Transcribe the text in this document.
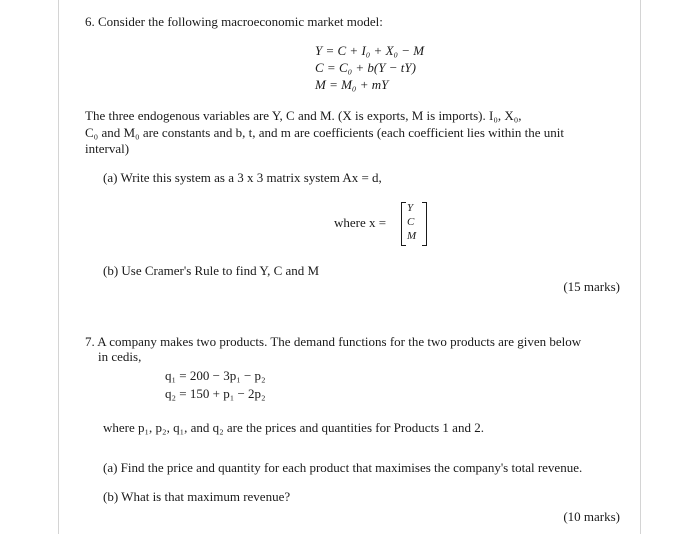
6. Consider the following macroeconomic market model:
Y = C + I₀ + X₀ − M
C = C₀ + b(Y − tY)
M = M₀ + mY
The three endogenous variables are Y, C and M. (X is exports, M is imports). I₀, X₀,
C₀ and M₀ are constants and b, t, and m are coefficients (each coefficient lies within the unit
interval)
(a) Write this system as a 3 x 3 matrix system Ax = d,
where x =
Y
C
M
(b) Use Cramer's Rule to find Y, C and M
(15 marks)
7. A company makes two products. The demand functions for the two products are given below
in cedis,
q₁ = 200 − 3p₁ − p₂
q₂ = 150 + p₁ − 2p₂
where p₁, p₂, q₁, and q₂ are the prices and quantities for Products 1 and 2.
(a) Find the price and quantity for each product that maximises the company's total revenue.
(b) What is that maximum revenue?
(10 marks)
